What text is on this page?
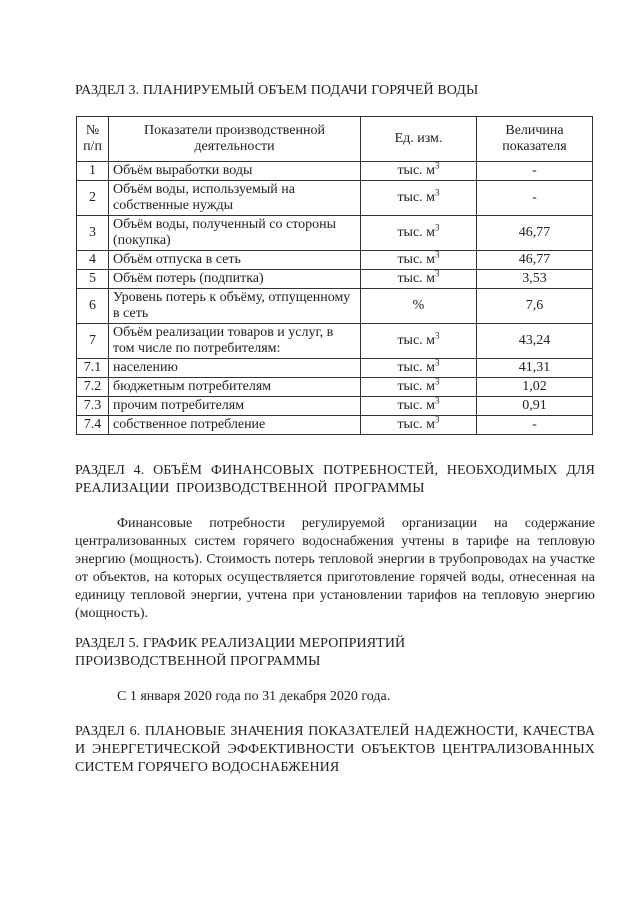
РАЗДЕЛ 3. ПЛАНИРУЕМЫЙ ОБЪЕМ ПОДАЧИ ГОРЯЧЕЙ ВОДЫ
№ п/п	Показатели производственной деятельности	Ед. изм.	Величина показателя
1	Объём выработки воды	тыс. $м^3$	-
2	Объём воды, используемый на собственные нужды	тыс. $м^3$	-
3	Объём воды, полученный со стороны (покупка)	тыс. $м^3$	46,77
4	Объём отпуска в сеть	тыс. $м^3$	46,77
5	Объём потерь (подпитка)	тыс. $м^3$	3,53
6	Уровень потерь к объёму, отпущенному в сеть	%	7,6
7	Объём реализации товаров и услуг, в том числе по потребителям:	тыс. $м^3$	43,24
7.1	населению	тыс. $м^3$	41,31
7.2	бюджетным потребителям	тыс. $м^3$	1,02
7.3	прочим потребителям	тыс. $м^3$	0,91
7.4	собственное потребление	тыс. $м^3$	-
РАЗДЕЛ 4. ОБЪЁМ ФИНАНСОВЫХ ПОТРЕБНОСТЕЙ, НЕОБХОДИМЫХ ДЛЯ РЕАЛИЗАЦИИ ПРОИЗВОДСТВЕННОЙ ПРОГРАММЫ
Финансовые потребности регулируемой организации на содержание централизованных систем горячего водоснабжения учтены в тарифе на тепловую энергию (мощность). Стоимость потерь тепловой энергии в трубопроводах на участке от объектов, на которых осуществляется приготовление горячей воды, отнесенная на единицу тепловой энергии, учтена при установлении тарифов на тепловую энергию (мощность).
РАЗДЕЛ 5. ГРАФИК РЕАЛИЗАЦИИ МЕРОПРИЯТИЙ ПРОИЗВОДСТВЕННОЙ ПРОГРАММЫ
С 1 января 2020 года по 31 декабря 2020 года.
РАЗДЕЛ 6. ПЛАНОВЫЕ ЗНАЧЕНИЯ ПОКАЗАТЕЛЕЙ НАДЕЖНОСТИ, КАЧЕСТВА И ЭНЕРГЕТИЧЕСКОЙ ЭФФЕКТИВНОСТИ ОБЪЕКТОВ ЦЕНТРАЛИЗОВАННЫХ СИСТЕМ ГОРЯЧЕГО ВОДОСНАБЖЕНИЯ
